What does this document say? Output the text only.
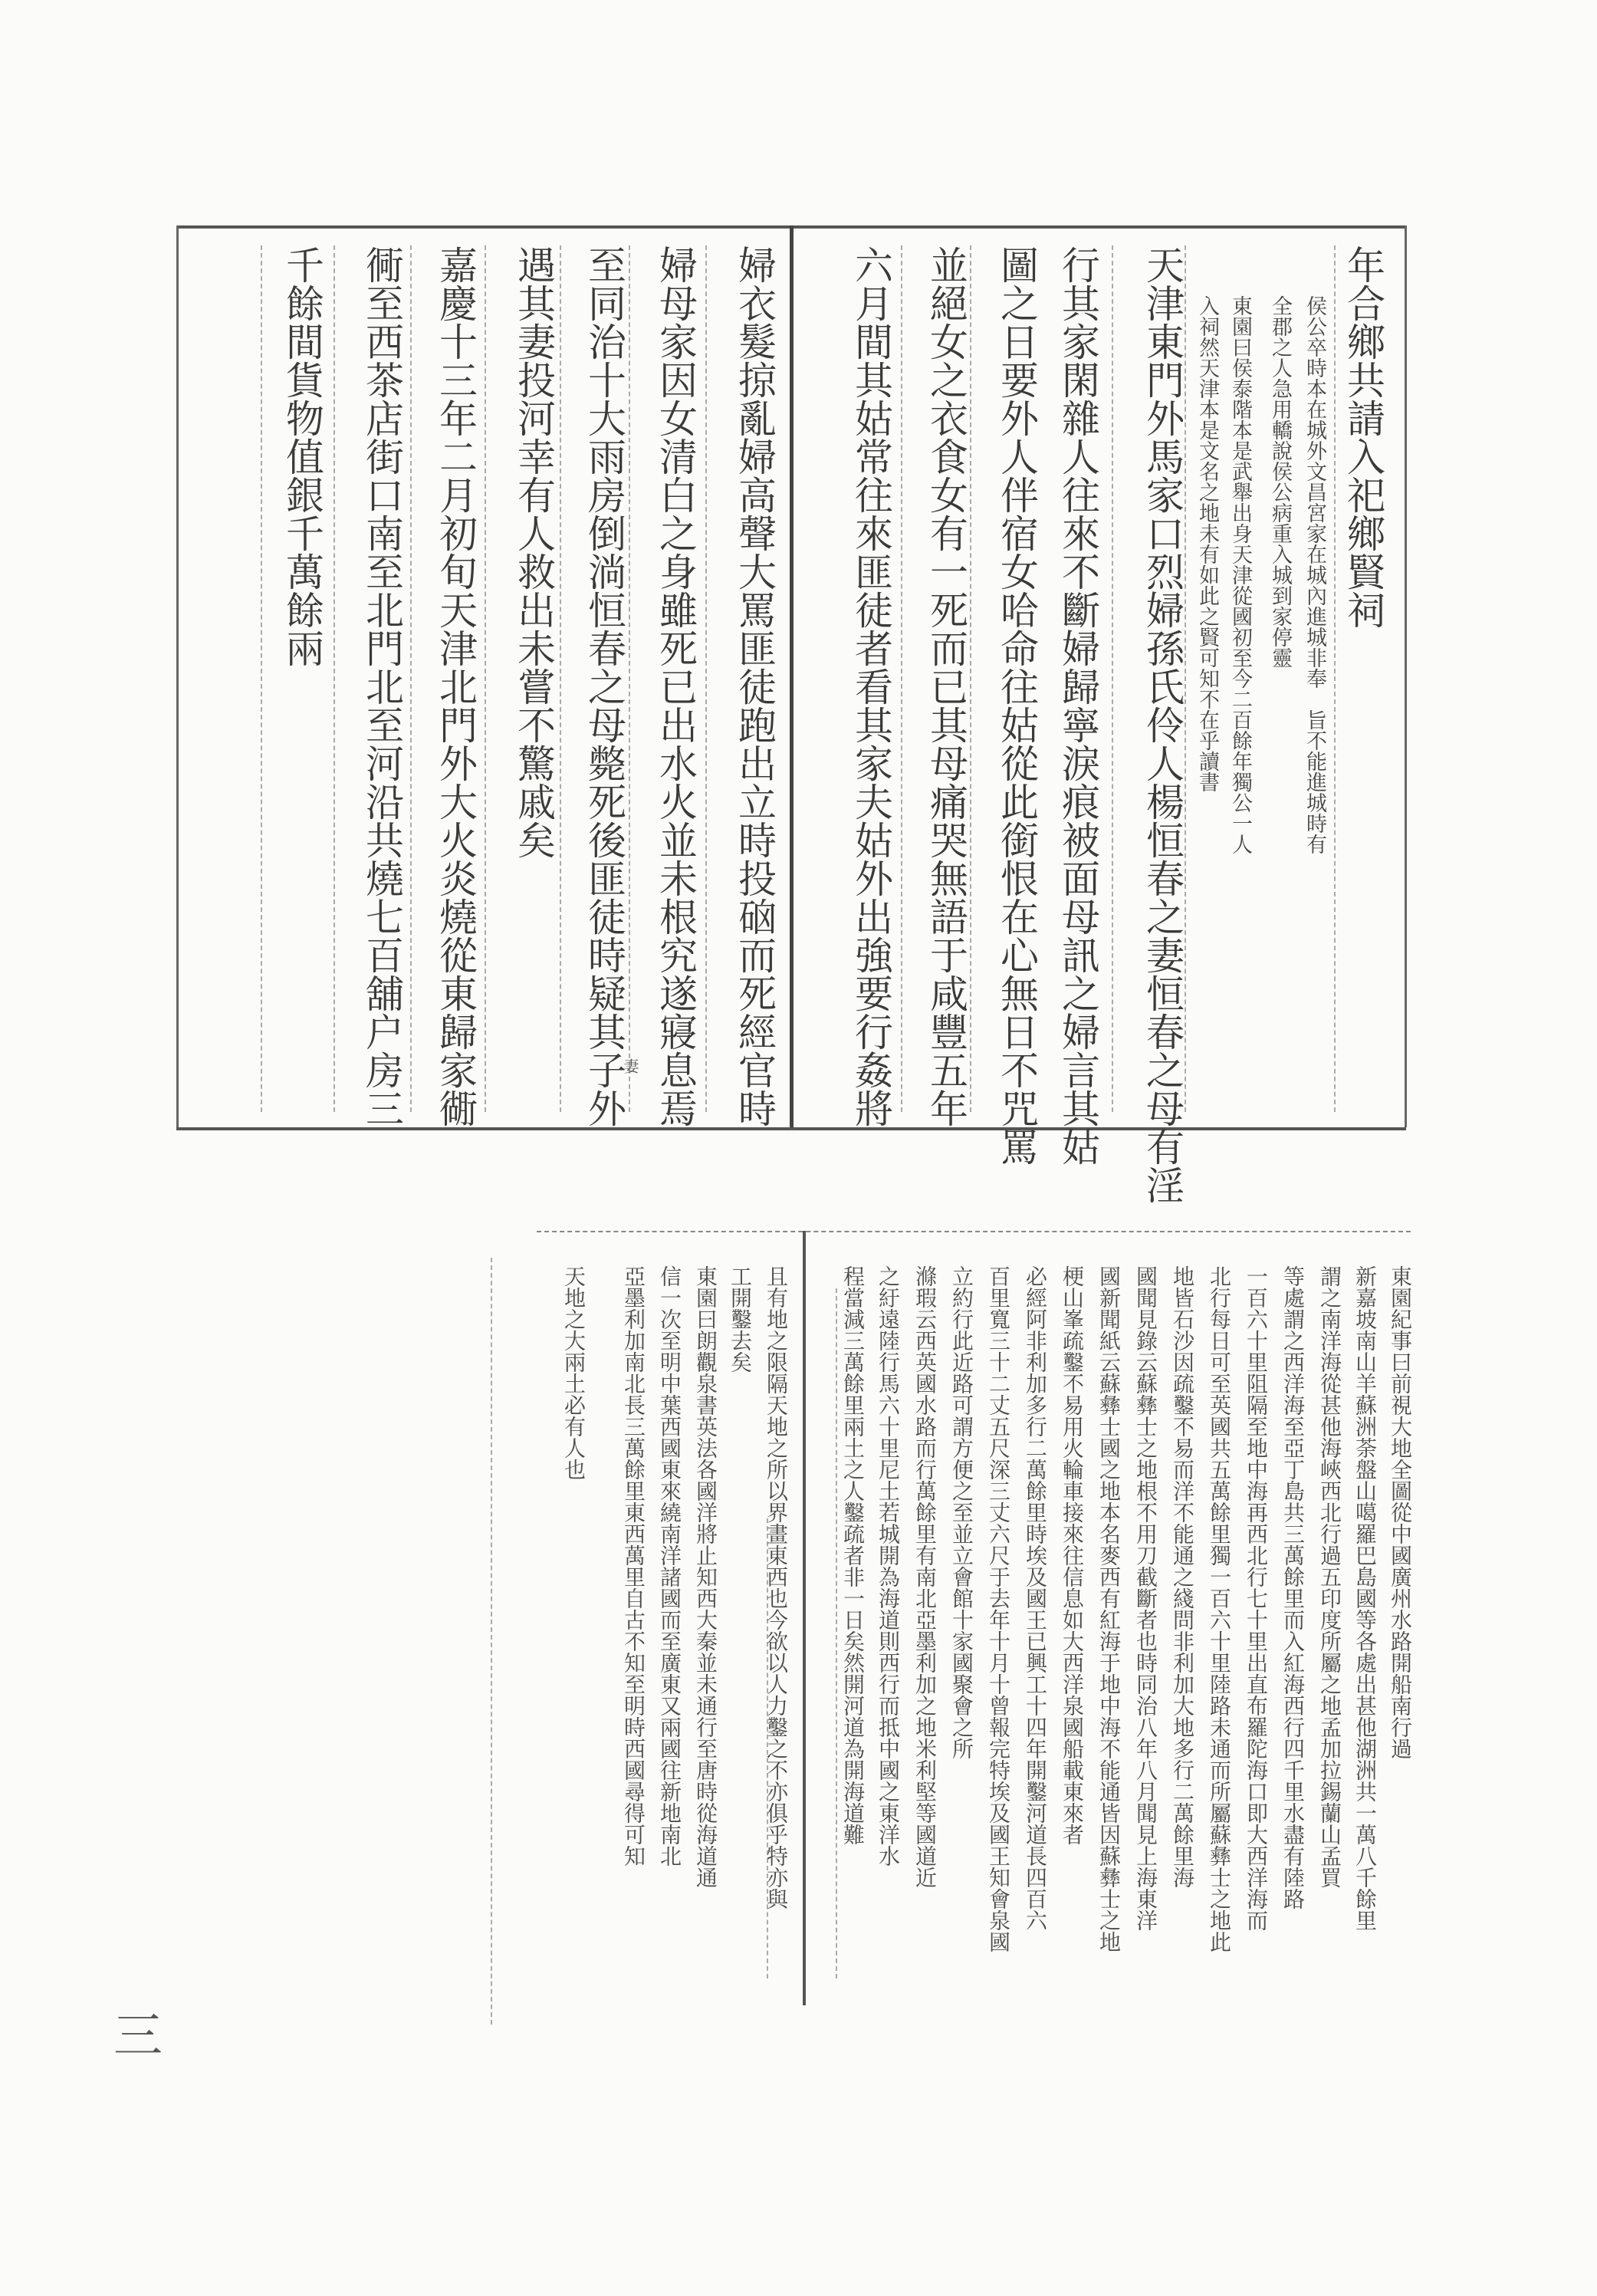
年合鄉共請入祀鄉賢祠
侯公卒時本在城外文昌宮家在城內進城非奉　旨不能進城時有
全郡之人急用轎說侯公病重入城到家停靈
東園曰侯泰階本是武舉出身天津從國初至今二百餘年獨公一人
入祠然天津本是文名之地未有如此之賢可知不在乎讀書
天津東門外馬家口烈婦孫氏伶人楊恒春之妻恒春之母有淫
行其家閑雜人往來不斷婦歸寧淚痕被面母訊之婦言其姑
圖之日要外人伴宿女哈命往姑從此銜恨在心無日不咒罵
並絕女之衣食女有一死而已其母痛哭無語于咸豐五年
六月間其姑常往來匪徒者看其家夫姑外出強要行姦將
婦衣髮掠亂婦高聲大罵匪徒跑出立時投硇而死經官時
婦母家因女清白之身雖死已出水火並未根究遂寢息焉
至同治十大雨房倒淌恒春之母斃死後匪徒時疑其子外
妻
遇其妻投河幸有人救出未嘗不驚戚矣
嘉慶十三年二月初旬天津北門外大火炎燒從東歸家衚
衕至西茶店街口南至北門北至河沿共燒七百舖户房三
千餘間貨物值銀千萬餘兩
東園紀事曰前視大地全圖從中國廣州水路開船南行過
新嘉坡南山羊蘇洲荼盤山噶羅巴島國等各處出甚他湖洲共一萬八千餘里
謂之南洋海從甚他海峽西北行過五印度所屬之地孟加拉錫蘭山孟買
等處謂之西洋海至亞丁島共三萬餘里而入紅海西行四千里水盡有陸路
一百六十里阻隔至地中海再西北行七十里出直布羅陀海口即大西洋海而
北行每日可至英國共五萬餘里獨一百六十里陸路未通而所屬蘇彝士之地此
地皆石沙因疏鑿不易而洋不能通之綫問非利加大地多行二萬餘里海
國聞見錄云蘇彝士之地根不用刀截斷者也時同治八年八月聞見上海東洋
國新聞紙云蘇彝士國之地本名麥西有紅海于地中海不能通皆因蘇彝士之地
梗山峯疏鑿不易用火輪車接來往信息如大西洋泉國船載東來者
必經阿非利加多行二萬餘里時埃及國王已興工十四年開鑿河道長四百六
百里寬三十二丈五尺深三丈六尺于去年十月十曾報完特埃及國王知會泉國
立約行此近路可謂方便之至並立會館十家國聚會之所
滌瑕云西英國水路而行萬餘里有南北亞墨利加之地米利堅等國道近
之紆遠陸行馬六十里尼土若城開為海道則西行而抵中國之東洋水
程當減三萬餘里兩土之人鑿疏者非一日矣然開河道為開海道難
且有地之限隔天地之所以界畫東西也今欲以人力鑿之不亦俱乎特亦與
工開鑿去矣
東園曰朗觀泉書英法各國洋將止知西大秦並未通行至唐時從海道通
信一次至明中葉西國東來繞南洋諸國而至廣東又兩國往新地南北
亞墨利加南北長三萬餘里東西萬里自古不知至明時西國尋得可知
天地之大兩土必有人也
三
